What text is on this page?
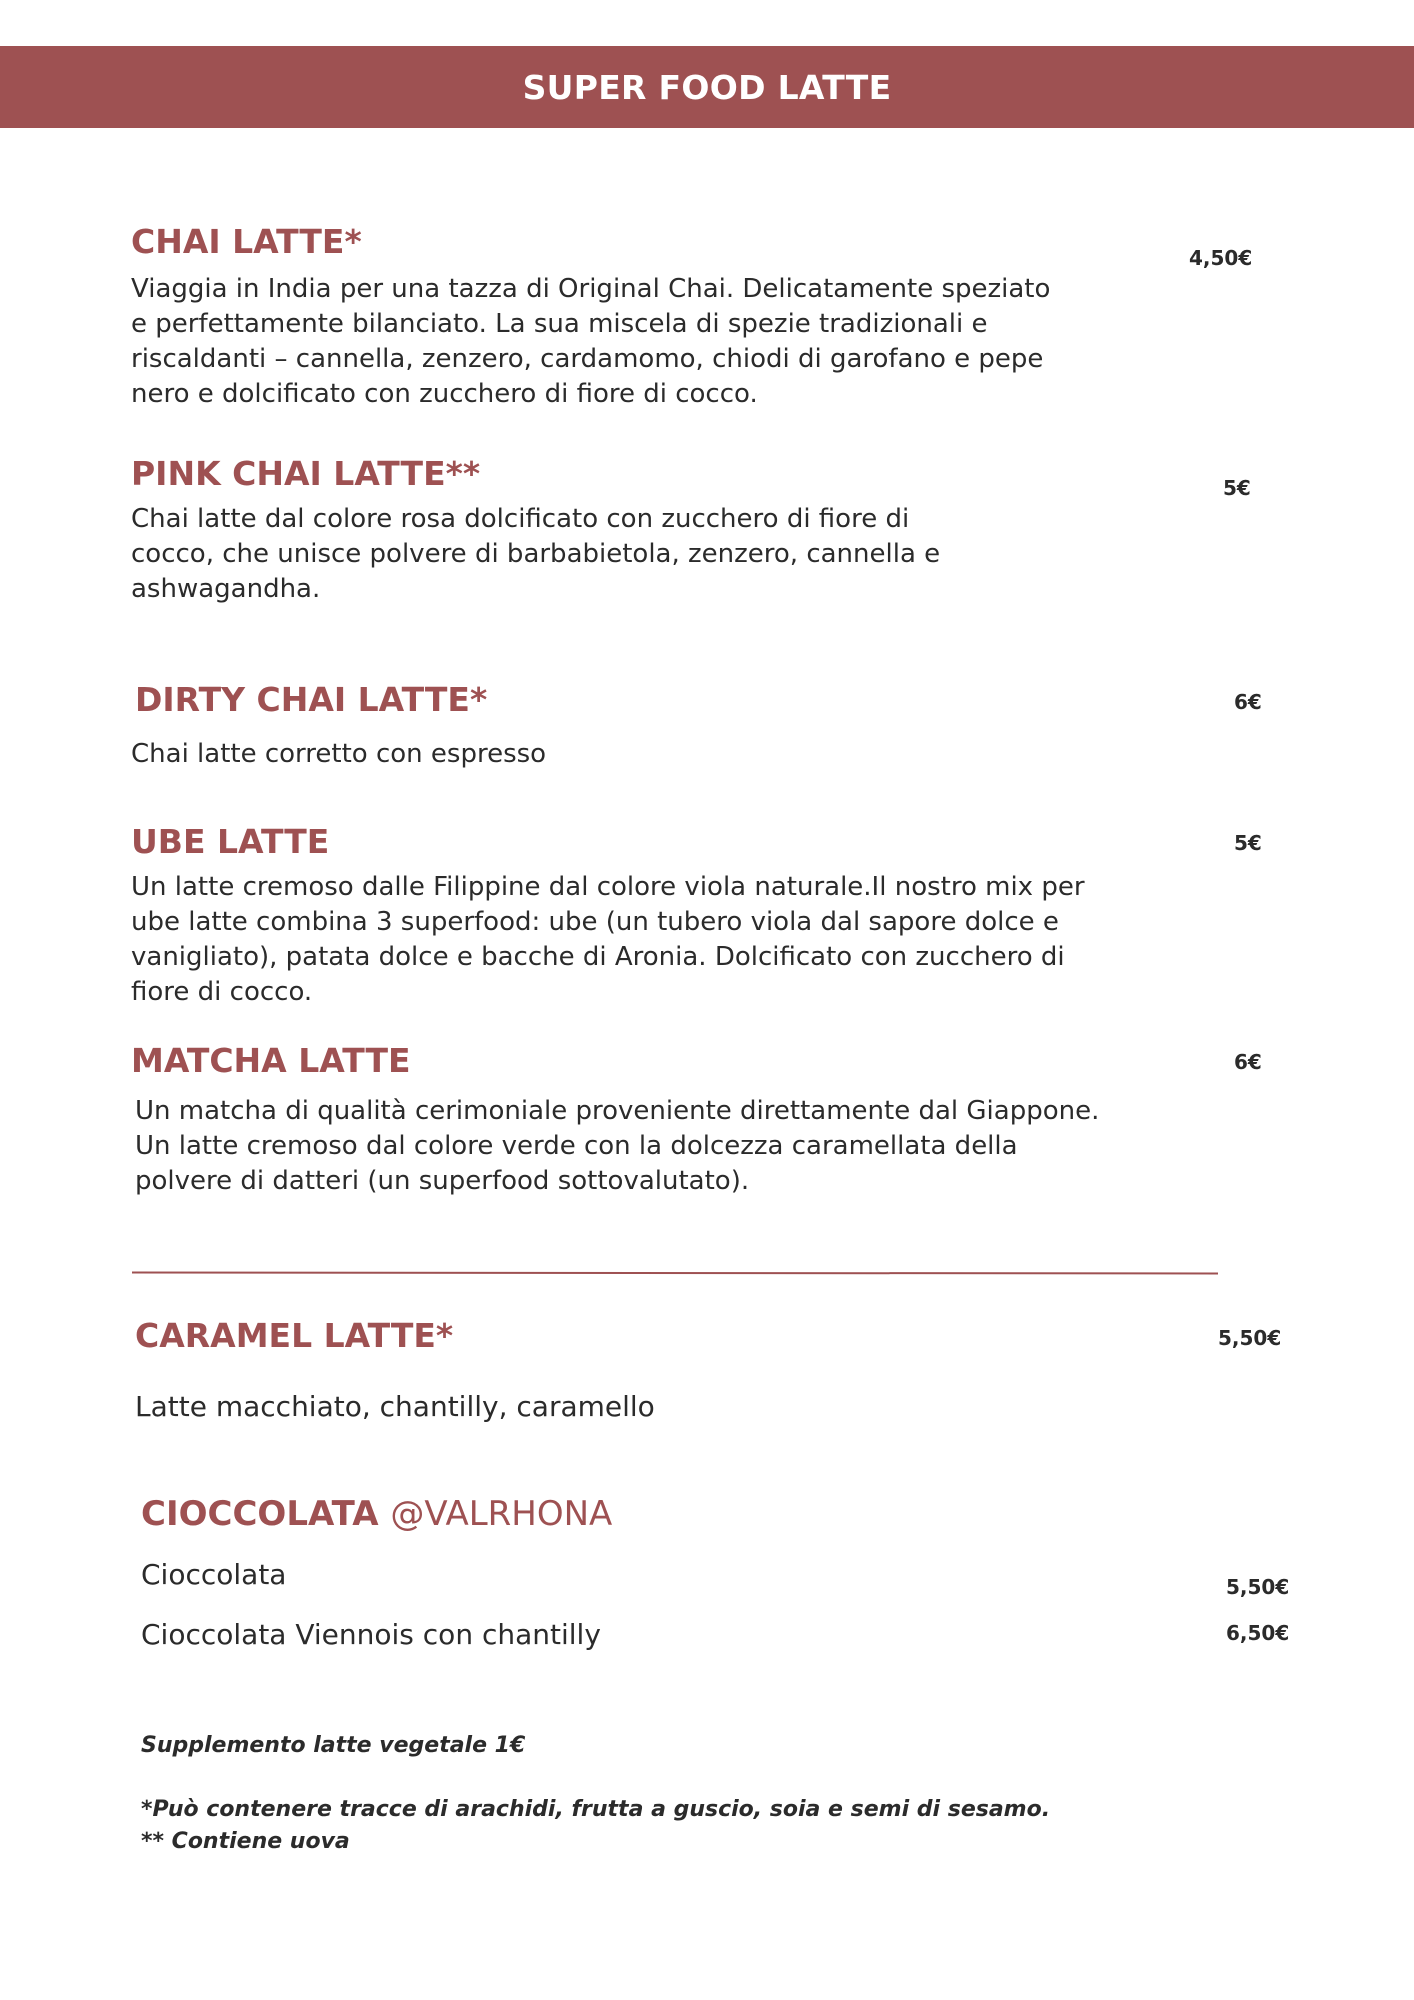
SUPER FOOD LATTE
CHAI LATTE*
Viaggia in India per una tazza di Original Chai. Delicatamente speziato
e perfettamente bilanciato. La sua miscela di spezie tradizionali e
riscaldanti – cannella, zenzero, cardamomo, chiodi di garofano e pepe
nero e dolcificato con zucchero di fiore di cocco.
4,50€
PINK CHAI LATTE**
Chai latte dal colore rosa dolcificato con zucchero di fiore di
cocco, che unisce polvere di barbabietola, zenzero, cannella e
ashwagandha.
5€
DIRTY CHAI LATTE*
Chai latte corretto con espresso
6€
UBE LATTE
Un latte cremoso dalle Filippine dal colore viola naturale.Il nostro mix per
ube latte combina 3 superfood: ube (un tubero viola dal sapore dolce e
vanigliato), patata dolce e bacche di Aronia. Dolcificato con zucchero di
fiore di cocco.
5€
MATCHA LATTE
Un matcha di qualità cerimoniale proveniente direttamente dal Giappone.
Un latte cremoso dal colore verde con la dolcezza caramellata della
polvere di datteri (un superfood sottovalutato).
6€
CARAMEL LATTE*
Latte macchiato, chantilly, caramello
5,50€
CIOCCOLATA @VALRHONA
Cioccolata	5,50€
Cioccolata Viennois con chantilly	6,50€
Supplemento latte vegetale 1€
*Può contenere tracce di arachidi, frutta a guscio, soia e semi di sesamo.
** Contiene uova
